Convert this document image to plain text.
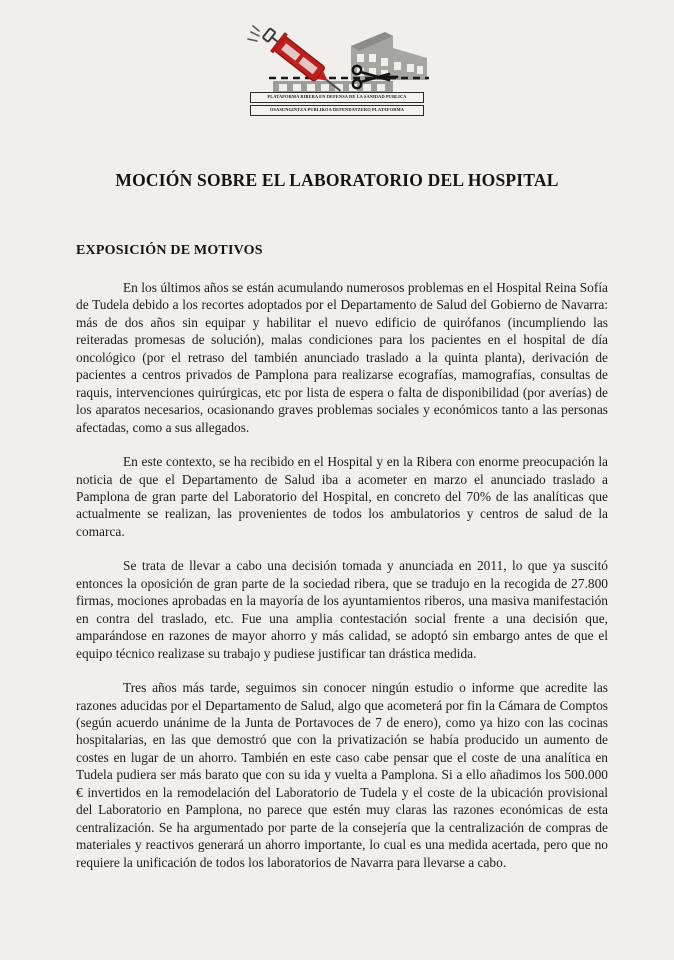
PLATAFORMA RIBERA EN DEFENSA DE LA SANIDAD PUBLICA
OSASUNGINTZA PUBLIKOA DEFENDATZEKO PLATAFORMA
MOCIÓN SOBRE EL LABORATORIO DEL HOSPITAL
EXPOSICIÓN DE MOTIVOS

En los últimos años se están acumulando numerosos problemas en el Hospital Reina Sofía de Tudela debido a los recortes adoptados por el Departamento de Salud del Gobierno de Navarra: más de dos años sin equipar y habilitar el nuevo edificio de quirófanos (incumpliendo las reiteradas promesas de solución), malas condiciones para los pacientes en el hospital de día oncológico (por el retraso del también anunciado traslado a la quinta planta), derivación de pacientes a centros privados de Pamplona para realizarse ecografías, mamografías, consultas de raquis, intervenciones quirúrgicas, etc por lista de espera o falta de disponibilidad (por averías) de los aparatos necesarios, ocasionando graves problemas sociales y económicos tanto a las personas afectadas, como a sus allegados.

En este contexto, se ha recibido en el Hospital y en la Ribera con enorme preocupación la noticia de que el Departamento de Salud iba a acometer en marzo el anunciado traslado a Pamplona de gran parte del Laboratorio del Hospital, en concreto del 70% de las analíticas que actualmente se realizan, las provenientes de todos los ambulatorios y centros de salud de la comarca.

Se trata de llevar a cabo una decisión tomada y anunciada en 2011, lo que ya suscitó entonces la oposición de gran parte de la sociedad ribera, que se tradujo en la recogida de 27.800 firmas, mociones aprobadas en la mayoría de los ayuntamientos riberos, una masiva manifestación en contra del traslado, etc. Fue una amplia contestación social frente a una decisión que, amparándose en razones de mayor ahorro y más calidad, se adoptó sin embargo antes de que el equipo técnico realizase su trabajo y pudiese justificar tan drástica medida.

Tres años más tarde, seguimos sin conocer ningún estudio o informe que acredite las razones aducidas por el Departamento de Salud, algo que acometerá por fin la Cámara de Comptos (según acuerdo unánime de la Junta de Portavoces de 7 de enero), como ya hizo con las cocinas hospitalarias, en las que demostró que con la privatización se había producido un aumento de costes en lugar de un ahorro. También en este caso cabe pensar que el coste de una analítica en Tudela pudiera ser más barato que con su ida y vuelta a Pamplona. Si a ello añadimos los 500.000 € invertidos en la remodelación del Laboratorio de Tudela y el coste de la ubicación provisional del Laboratorio en Pamplona, no parece que estén muy claras las razones económicas de esta centralización. Se ha argumentado por parte de la consejería que la centralización de compras de materiales y reactivos generará un ahorro importante, lo cual es una medida acertada, pero que no requiere la unificación de todos los laboratorios de Navarra para llevarse a cabo.
